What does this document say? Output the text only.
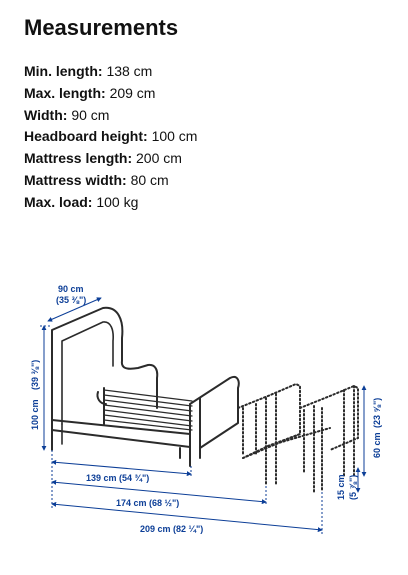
Measurements
Min. length: 138 cm
Max. length: 209 cm
Width: 90 cm
Headboard height: 100 cm
Mattress length: 200 cm
Mattress width: 80 cm
Max. load: 100 kg
90 cm
(35 ⅜")
100 cm
(39 ⅜")
60 cm
(23 ⅝")
15 cm (5 ⅞")
139 cm (54 ¾")
174 cm (68 ½")
209 cm (82 ¼")
